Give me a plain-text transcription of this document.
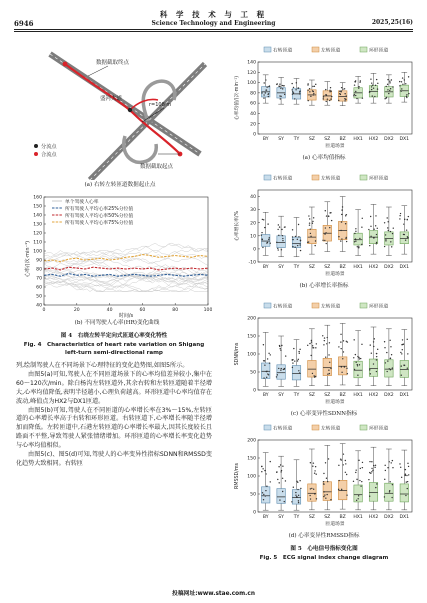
6946
科 学 技 术 与 工 程
Science Technology and Engineering	2025,25(16)
r=108 m
数据截取终点
盛河大道
数据截取起点
分流点
合流点
(a) 右转左转匝道数据起止点
40
50
60
70
80
90
100
110
120
130
140
150
160
0	20	40	60	80	100
单个驾驶人心率
所有驾驶人平均心率25%分位值
所有驾驶人平均心率50%分位值
所有驾驶人平均心率75%分位值
心率/(次·min⁻¹)
时间/s
(b) 不同驾驶人心率(HR)变化曲线
图 4　右绕左转半定向式匝道心率变化特性
Fig. 4　Characteristics of heart rate variation on Shigang
left-turn semi-directional ramp

列,绘制驾驶人在不同场景下心理特征的变化趋势图,如图5所示。

由图5(a)可知,驾驶人在不同匝道场景下的心率均值差异较小,集中在60～120次/min。除白杨沟左转匝道外,其余右转和左转匝道随着半径增大,心率均值降低,表明半径越小,心理负荷越高。环形匝道中心率均值存在波动,峰值点为HX2与DX1匝道。

由图5(b)可知,驾驶人在不同匝道的心率增长率在3%～15%,左转匝道的心率增长率高于右转和环形匝道。右转匝道下,心率增长率随半径增加而降低。左转匝道中,石港左转匝道的心率增长率最大,因其长度较长且路面不平整,导致驾驶人紧张情绪增加。环形匝道的心率增长率变化趋势与心率均值相似。

由图5(c)、图5(d)可知,驾驶人的心率变异性指标SDNN和RMSSD变化趋势大致相同。右转匝

右转匝道	左转匝道	环形匝道
0
20
40
60
80
100
120
140
心率均值/(次·min⁻¹)
BY SY TY SZ SZ BZ HX1 HX2 DX2 DX1
匝道场景
(a) 心率均值指标
右转匝道	左转匝道	环形匝道
-10
0
10
20
30
40
心率增长率/%
BY SY TY SZ SZ BZ HX1 HX2 DX2 DX1
匝道场景
(b) 心率增长率指标
右转匝道	左转匝道	环形匝道
0
50
100
150
200
SDNN/ms
BY SY TY SZ SZ BZ HX1 HX2 DX2 DX1
匝道场景
(c) 心率变异性SDNN指标
右转匝道	左转匝道	环形匝道
0
50
100
150
200
RMSSD/ms
BY SY TY SZ SZ BZ HX1 HX2 DX2 DX1
匝道场景
(d) 心率变异性RMSSD指标
图 5　心电信号指标变化图
Fig. 5　ECG signal index change diagram
投稿网址:www.stae.com.cn
